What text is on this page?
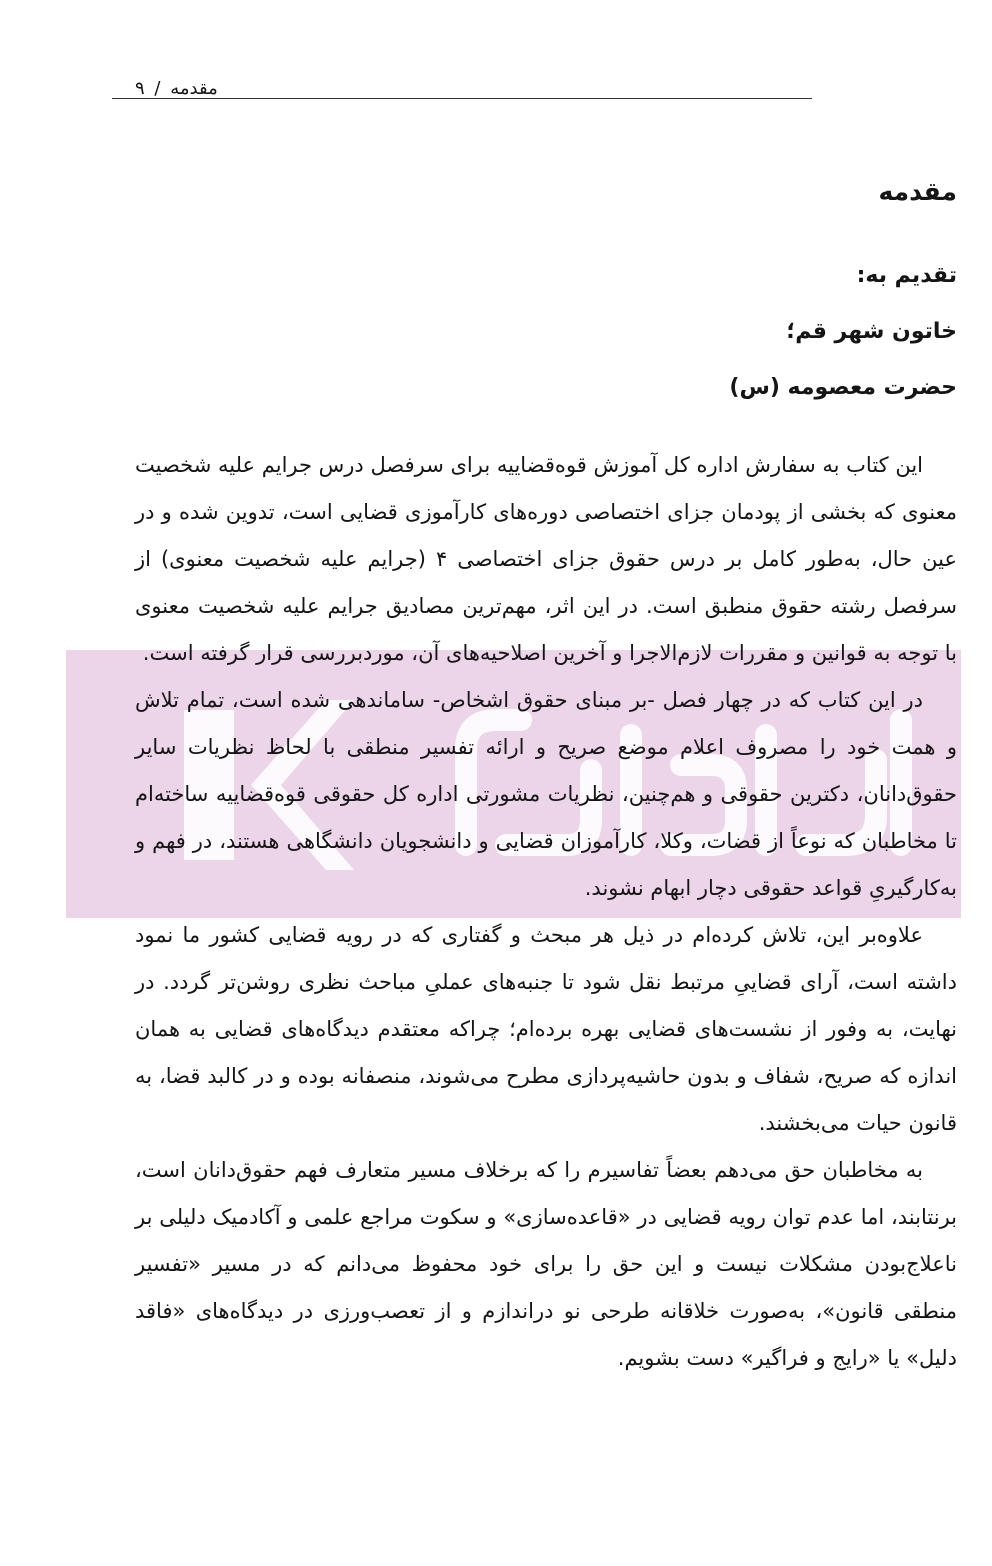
مقدمه / ۹
مقدمه

تقدیم به:

خاتون شهر قم؛

حضرت معصومه (س)

این کتاب به سفارش اداره کل آموزش قوه‌قضاییه برای سرفصل درس جرایم علیه شخصیت معنوی که بخشی از پودمان جزای اختصاصی دوره‌های کارآموزی قضایی است، تدوین شده و در عین حال، به‌طور کامل بر درس حقوق جزای اختصاصی ۴ (جرایم علیه شخصیت معنوی) از سرفصل رشته حقوق منطبق است. در این اثر، مهم‌ترین مصادیق جرایم علیه شخصیت معنوی با توجه به قوانین و مقررات لازم‌الاجرا و آخرین اصلاحیه‌های آن، موردبررسی قرار گرفته است.

در این کتاب که در چهار فصل -بر مبنای حقوق اشخاص- ساماندهی شده است، تمام تلاش و همت خود را مصروف اعلام موضع صریح و ارائه تفسیر منطقی با لحاظ نظریات سایر حقوق‌دانان، دکترین حقوقی و هم‌چنین، نظریات مشورتی اداره کل حقوقی قوه‌قضاییه ساخته‌ام تا مخاطبان که نوعاً از قضات، وکلا، کارآموزان قضایی و دانشجویان دانشگاهی هستند، در فهم و به‌کارگیریِ قواعد حقوقی دچار ابهام نشوند.

علاوه‌بر این، تلاش کرده‌ام در ذیل هر مبحث و گفتاری که در رویه قضایی کشور ما نمود داشته است، آرای قضاییِ مرتبط نقل شود تا جنبه‌های عملیِ مباحث نظری روشن‌تر گردد. در نهایت، به وفور از نشست‌های قضایی بهره برده‌ام؛ چراکه معتقدم دیدگاه‌های قضایی به همان اندازه که صریح، شفاف و بدون حاشیه‌پردازی مطرح می‌شوند، منصفانه بوده و در کالبد قضا، به قانون حیات می‌بخشند.

به مخاطبان حق می‌دهم بعضاً تفاسیرم را که برخلاف مسیر متعارف فهم حقوق‌دانان است، برنتابند، اما عدم توان رویه قضایی در «قاعده‌سازی» و سکوت مراجع علمی و آکادمیک دلیلی بر ناعلاج‌بودن مشکلات نیست و این حق را برای خود محفوظ می‌دانم که در مسیر «تفسیر منطقی قانون»، به‌صورت خلاقانه طرحی نو دراندازم و از تعصب‌ورزی در دیدگاه‌های «فاقد دلیل» یا «رایج و فراگیر» دست بشویم.
